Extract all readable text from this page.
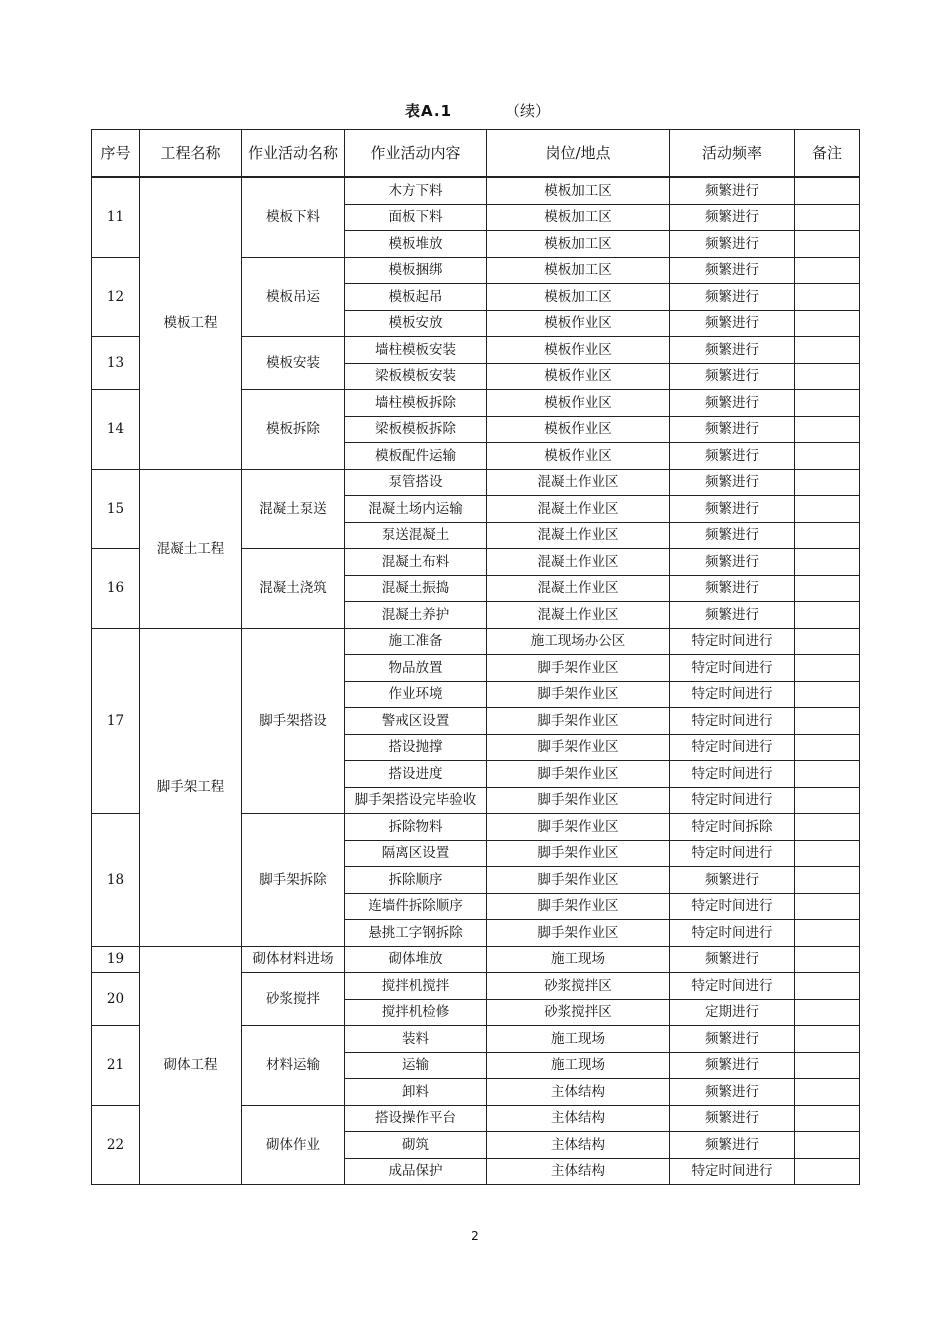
表A.1	（续）
序号	工程名称	作业活动名称	作业活动内容	岗位/地点	活动频率	备注
11	模板工程	模板下料	木方下料	模板加工区	频繁进行	
			面板下料	模板加工区	频繁进行	
			模板堆放	模板加工区	频繁进行	
12		模板吊运	模板捆绑	模板加工区	频繁进行	
			模板起吊	模板加工区	频繁进行	
			模板安放	模板作业区	频繁进行	
13		模板安装	墙柱模板安装	模板作业区	频繁进行	
			梁板模板安装	模板作业区	频繁进行	
14		模板拆除	墙柱模板拆除	模板作业区	频繁进行	
			梁板模板拆除	模板作业区	频繁进行	
			模板配件运输	模板作业区	频繁进行	
15	混凝土工程	混凝土泵送	泵管搭设	混凝土作业区	频繁进行	
			混凝土场内运输	混凝土作业区	频繁进行	
			泵送混凝土	混凝土作业区	频繁进行	
16		混凝土浇筑	混凝土布料	混凝土作业区	频繁进行	
			混凝土振捣	混凝土作业区	频繁进行	
			混凝土养护	混凝土作业区	频繁进行	
17	脚手架工程	脚手架搭设	施工准备	施工现场办公区	特定时间进行	
			物品放置	脚手架作业区	特定时间进行	
			作业环境	脚手架作业区	特定时间进行	
			警戒区设置	脚手架作业区	特定时间进行	
			搭设抛撑	脚手架作业区	特定时间进行	
			搭设进度	脚手架作业区	特定时间进行	
			脚手架搭设完毕验收	脚手架作业区	特定时间进行	
18		脚手架拆除	拆除物料	脚手架作业区	特定时间拆除	
			隔离区设置	脚手架作业区	特定时间进行	
			拆除顺序	脚手架作业区	频繁进行	
			连墙件拆除顺序	脚手架作业区	特定时间进行	
			悬挑工字钢拆除	脚手架作业区	特定时间进行	
19	砌体工程	砌体材料进场	砌体堆放	施工现场	频繁进行	
20		砂浆搅拌	搅拌机搅拌	砂浆搅拌区	特定时间进行	
			搅拌机检修	砂浆搅拌区	定期进行	
21		材料运输	装料	施工现场	频繁进行	
			运输	施工现场	频繁进行	
			卸料	主体结构	频繁进行	
22		砌体作业	搭设操作平台	主体结构	频繁进行	
			砌筑	主体结构	频繁进行	
			成品保护	主体结构	特定时间进行	
2
